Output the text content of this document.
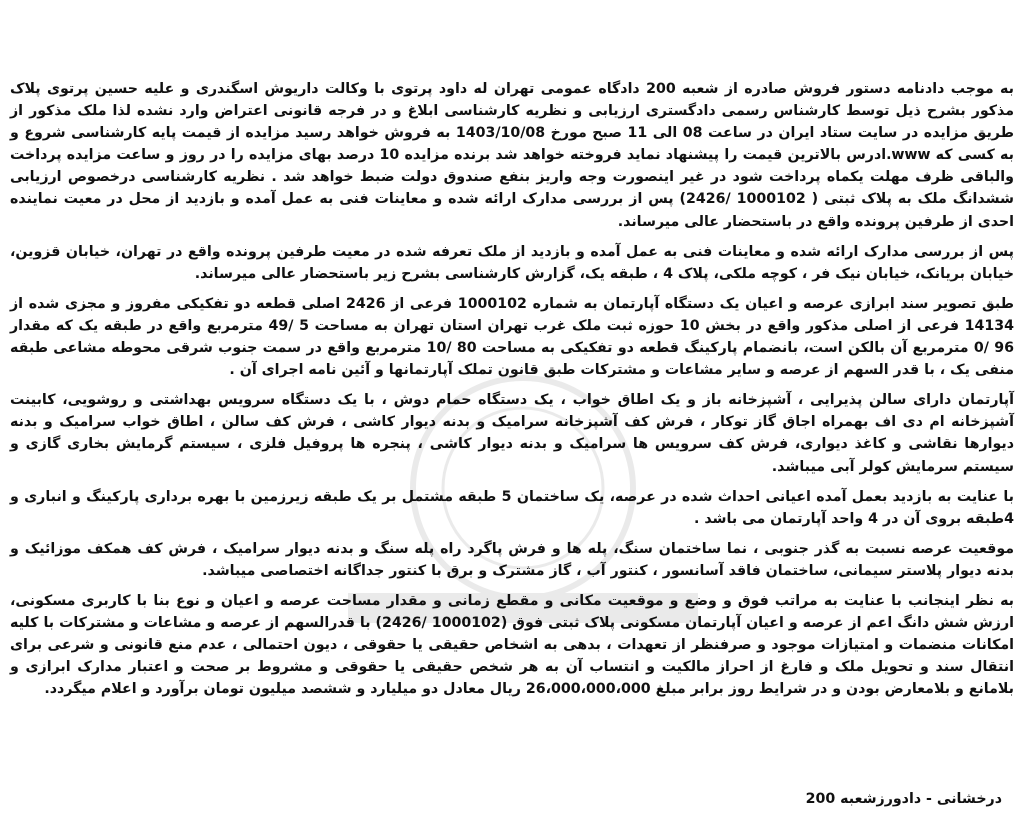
به موجب دادنامه دستور فروش صادره از شعبه 200 دادگاه عمومی تهران له داود پرتوی با وکالت داریوش اسگندری و علیه حسین پرتوی پلاک مذکور بشرح ذیل توسط کارشناس رسمی دادگستری ارزیابی و نظریه کارشناسی ابلاغ و در فرجه قانونی اعتراض وارد نشده لذا ملک مذکور از طریق مزایده در سایت ستاد ایران در ساعت 08 الی 11 صبح مورخ 1403/10/08 به فروش خواهد رسید مزایده از قیمت پایه کارشناسی شروع و به کسی که www.ادرس بالاترین قیمت را پیشنهاد نماید فروخته خواهد شد برنده مزایده 10 درصد بهای مزایده را در روز و ساعت مزایده پرداخت والباقی ظرف مهلت یکماه پرداخت شود در غیر اینصورت وجه واریز بنفع صندوق دولت ضبط خواهد شد . نظریه کارشناسی درخصوص ارزیابی ششدانگ ملک به پلاک ثبتی ( 1000102 /2426) پس از بررسی مدارک ارائه شده و معاینات فنی به عمل آمده و بازدید از محل در معیت نماینده احدی از طرفین پرونده واقع در باستحضار عالی میرساند.

پس از بررسی مدارک ارائه شده و معاینات فنی به عمل آمده و بازدید از ملک تعرفه شده در معیت طرفین پرونده واقع در تهران، خیابان قزوین، خیابان بریانک، خیابان نیک فر ، کوچه ملکی، پلاک 4 ، طبقه یک، گزارش کارشناسی بشرح زیر باستحضار عالی میرساند.

طبق تصویر سند ابرازی عرصه و اعیان یک دستگاه آپارتمان به شماره 1000102 فرعی از 2426 اصلی قطعه دو تفکیکی مفروز و مجزی شده از 14134 فرعی از اصلی مذکور واقع در بخش 10 حوزه ثبت ملک غرب تهران استان تهران به مساحت 5 /49 مترمربع واقع در طبقه یک که مقدار 96 /0 مترمربع آن بالکن است، بانضمام پارکینگ قطعه دو تفکیکی به مساحت 80 /10 مترمربع واقع در سمت جنوب شرقی محوطه مشاعی طبقه منفی یک ، با قدر السهم از عرصه و سایر مشاعات و مشترکات طبق قانون تملک آپارتمانها و آئین نامه اجرای آن .

آپارتمان دارای سالن پذیرایی ، آشپزخانه باز و یک اطاق خواب ، یک دستگاه حمام دوش ، با یک دستگاه سرویس بهداشتی و روشویی، کابینت آشپزخانه ام دی اف بهمراه اجاق گاز توکار ، فرش کف آشپزخانه سرامیک و بدنه دیوار کاشی ، فرش کف سالن ، اطاق خواب سرامیک و بدنه دیوارها نقاشی و کاغذ دیواری، فرش کف سرویس ها سرامیک و بدنه دیوار کاشی ، پنجره ها پروفیل فلزی ، سیستم گرمایش بخاری گازی و سیستم سرمایش کولر آبی میباشد.

با عنایت به بازدید بعمل آمده اعیانی احداث شده در عرصه، یک ساختمان 5 طبقه مشتمل بر یک طبقه زیرزمین با بهره برداری پارکینگ و انباری و 4طبقه بروی آن در 4 واحد آپارتمان می باشد .

موقعیت عرصه نسبت به گذر جنوبی ، نما ساختمان سنگ، پله ها و فرش پاگرد راه پله سنگ و بدنه دیوار سرامیک ، فرش کف همکف موزائیک و بدنه دیوار پلاستر سیمانی، ساختمان فاقد آسانسور ، کنتور آب ، گاز مشترک و برق با کنتور جداگانه اختصاصی میباشد.

به نظر اینجانب با عنایت به مراتب فوق و وضع و موقعیت مکانی و مقطع زمانی و مقدار مساحت عرصه و اعیان و نوع بنا با کاربری مسکونی، ارزش شش دانگ اعم از عرصه و اعیان آپارتمان مسکونی پلاک ثبتی فوق (1000102 /2426) با قدرالسهم از عرصه و مشاعات و مشترکات با کلیه امکانات منضمات و امتیازات موجود و صرفنظر از تعهدات ، بدهی به اشخاص حقیقی یا حقوقی ، دیون احتمالی ، عدم منع قانونی و شرعی برای انتقال سند و تحویل ملک و فارغ از احراز مالکیت و انتساب آن به هر شخص حقیقی یا حقوقی و مشروط بر صحت و اعتبار مدارک ابرازی و بلامانع و بلامعارض بودن و در شرایط روز برابر مبلغ 26،000،000،000 ریال معادل دو میلیارد و ششصد میلیون تومان برآورد و اعلام میگردد.

درخشانی - دادورزشعبه 200
